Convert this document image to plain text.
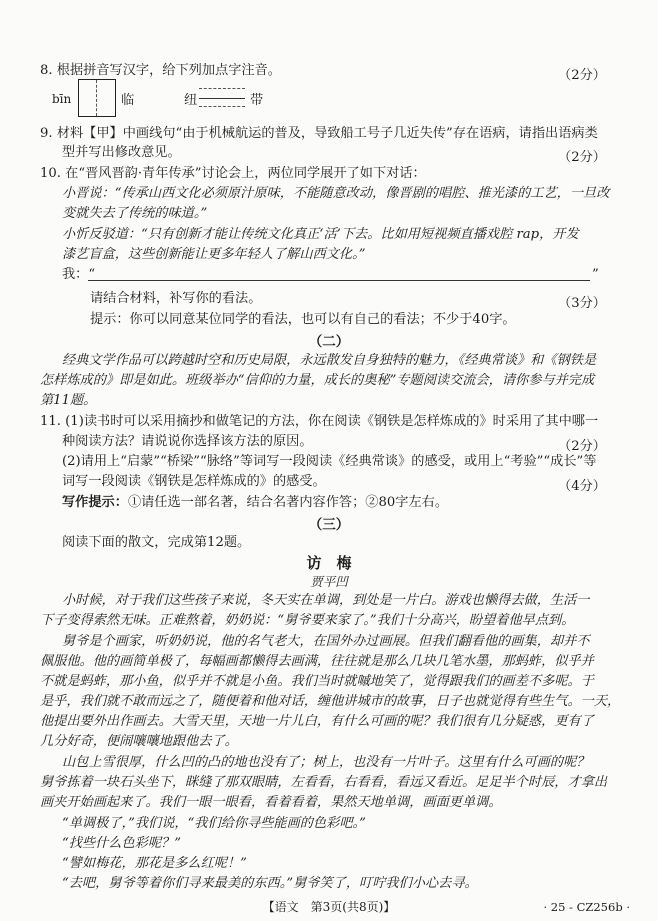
8. 根据拼音写汉字，给下列加点字注音。	（2分）
bīn	临	纽	带
9. 材料【甲】中画线句“由于机械航运的普及，导致船工号子几近失传”存在语病，请指出语病类
型并写出修改意见。	（2分）
10. 在“晋风晋韵·青年传承”讨论会上，两位同学展开了如下对话：
小晋说：“传承山西文化必须原汁原味，不能随意改动，像晋剧的唱腔、推光漆的工艺，一旦改
变就失去了传统的味道。”
小忻反驳道：“只有创新才能让传统文化真正‘活’下去。比如用短视频直播戏腔 rap，开发
漆艺盲盒，这些创新能让更多年轻人了解山西文化。”
我：“	”
请结合材料，补写你的看法。	（3分）
提示：你可以同意某位同学的看法，也可以有自己的看法；不少于40字。
（二）
经典文学作品可以跨越时空和历史局限，永远散发自身独特的魅力，《经典常谈》和《钢铁是
怎样炼成的》即是如此。班级举办“信仰的力量，成长的奥秘”专题阅读交流会，请你参与并完成
第11题。
11. (1)读书时可以采用摘抄和做笔记的方法，你在阅读《钢铁是怎样炼成的》时采用了其中哪一
种阅读方法？请说说你选择该方法的原因。	（2分）
(2)请用上“启蒙”“桥梁”“脉络”等词写一段阅读《经典常谈》的感受，或用上“考验”“成长”等
词写一段阅读《钢铁是怎样炼成的》的感受。	（4分）
写作提示：①请任选一部名著，结合名著内容作答；②80字左右。
（三）
阅读下面的散文，完成第12题。
访　梅
贾平凹
小时候，对于我们这些孩子来说，冬天实在单调，到处是一片白。游戏也懒得去做，生活一
下子变得索然无味。正难熬着，奶奶说：“舅爷要来家了。”我们十分高兴，盼望着他早点到。
舅爷是个画家，听奶奶说，他的名气老大，在国外办过画展。但我们翻看他的画集，却并不
佩服他。他的画简单极了，每幅画都懒得去画满，往往就是那么几块几笔水墨，那蚂蚱，似乎并
不就是蚂蚱，那小鱼，似乎并不就是小鱼。我们当时就嘁地笑了，觉得跟我们的画差不多呢。于
是乎，我们就不敢而远之了，随便着和他对话，缠他讲城市的故事，日子也就觉得有些生气。一天，
他提出要外出作画去。大雪天里，天地一片儿白，有什么可画的呢？我们很有几分疑惑，更有了
几分好奇，便闹嚷嚷地跟他去了。
山包上雪很厚，什么凹的凸的地也没有了；树上，也没有一片叶子。这里有什么可画的呢？
舅爷拣着一块石头坐下，眯缝了那双眼睛，左看看，右看看，看远又看近。足足半个时辰，才拿出
画夹开始画起来了。我们一眼一眼看，看着看着，果然天地单调，画面更单调。
“单调极了，”我们说，“我们给你寻些能画的色彩吧。”
“找些什么色彩呢？”
“譬如梅花，那花是多么红呢！”
“去吧，舅爷等着你们寻来最美的东西。”舅爷笑了，叮咛我们小心去寻。
【语文　第3页(共8页)】	· 25 - CZ256b ·
